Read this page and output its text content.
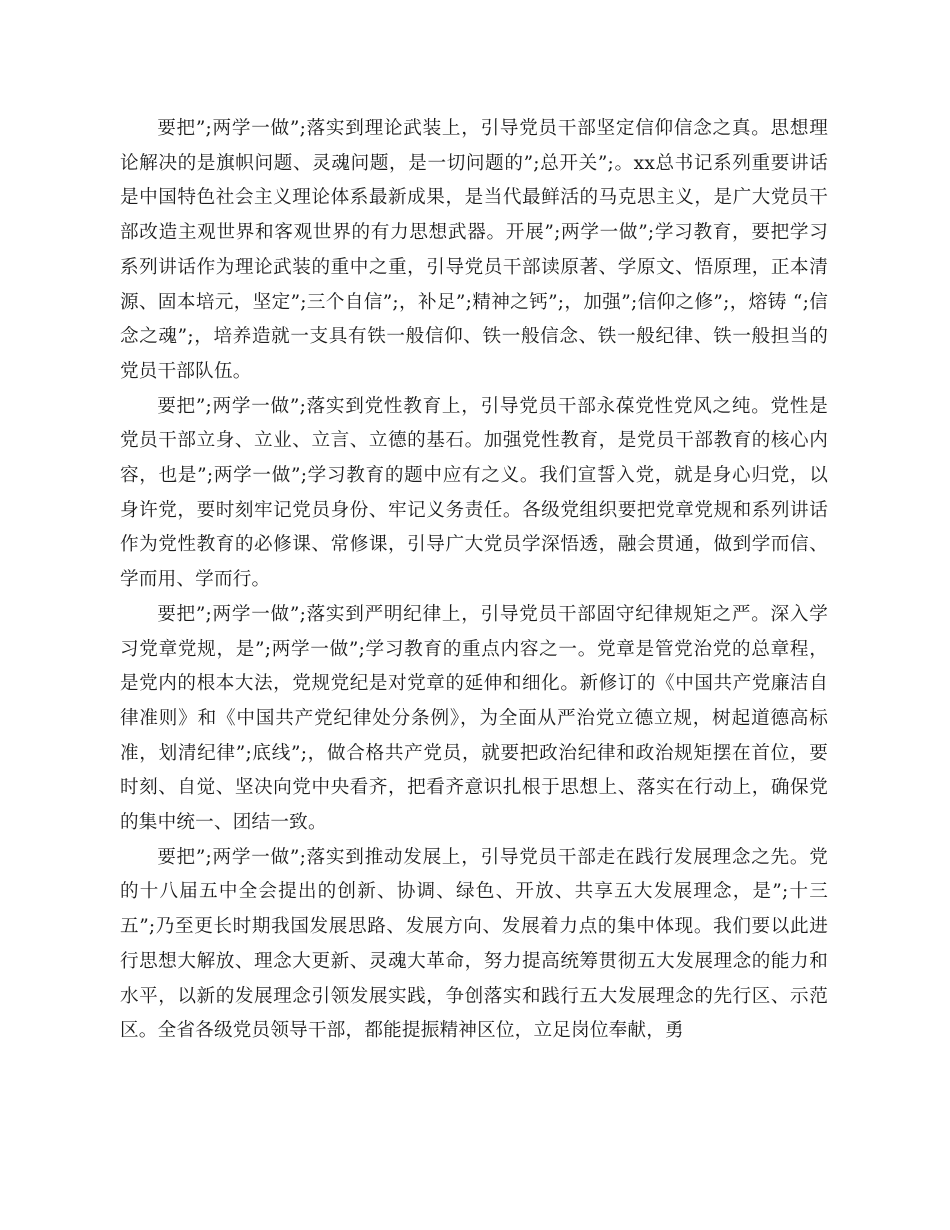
要把”;两学一做”;落实到理论武装上，引导党员干部坚定信仰信念之真。思想理论解决的是旗帜问题、灵魂问题，是一切问题的”;总开关”;。xx总书记系列重要讲话是中国特色社会主义理论体系最新成果，是当代最鲜活的马克思主义，是广大党员干部改造主观世界和客观世界的有力思想武器。开展”;两学一做”;学习教育，要把学习系列讲话作为理论武装的重中之重，引导党员干部读原著、学原文、悟原理，正本清源、固本培元，坚定”;三个自信”;，补足”;精神之钙”;，加强”;信仰之修”;，熔铸 “;信念之魂”;，培养造就一支具有铁一般信仰、铁一般信念、铁一般纪律、铁一般担当的党员干部队伍。

要把”;两学一做”;落实到党性教育上，引导党员干部永葆党性党风之纯。党性是党员干部立身、立业、立言、立德的基石。加强党性教育，是党员干部教育的核心内容，也是”;两学一做”;学习教育的题中应有之义。我们宣誓入党，就是身心归党，以身许党，要时刻牢记党员身份、牢记义务责任。各级党组织要把党章党规和系列讲话作为党性教育的必修课、常修课，引导广大党员学深悟透，融会贯通，做到学而信、学而用、学而行。

要把”;两学一做”;落实到严明纪律上，引导党员干部固守纪律规矩之严。深入学习党章党规，是”;两学一做”;学习教育的重点内容之一。党章是管党治党的总章程，是党内的根本大法，党规党纪是对党章的延伸和细化。新修订的《中国共产党廉洁自律准则》和《中国共产党纪律处分条例》，为全面从严治党立德立规，树起道德高标准，划清纪律”;底线”;，做合格共产党员，就要把政治纪律和政治规矩摆在首位，要时刻、自觉、坚决向党中央看齐，把看齐意识扎根于思想上、落实在行动上，确保党的集中统一、团结一致。

要把”;两学一做”;落实到推动发展上，引导党员干部走在践行发展理念之先。党的十八届五中全会提出的创新、协调、绿色、开放、共享五大发展理念，是”;十三五”;乃至更长时期我国发展思路、发展方向、发展着力点的集中体现。我们要以此进行思想大解放、理念大更新、灵魂大革命，努力提高统筹贯彻五大发展理念的能力和水平，以新的发展理念引领发展实践，争创落实和践行五大发展理念的先行区、示范区。全省各级党员领导干部，都能提振精神区位，立足岗位奉献，勇
